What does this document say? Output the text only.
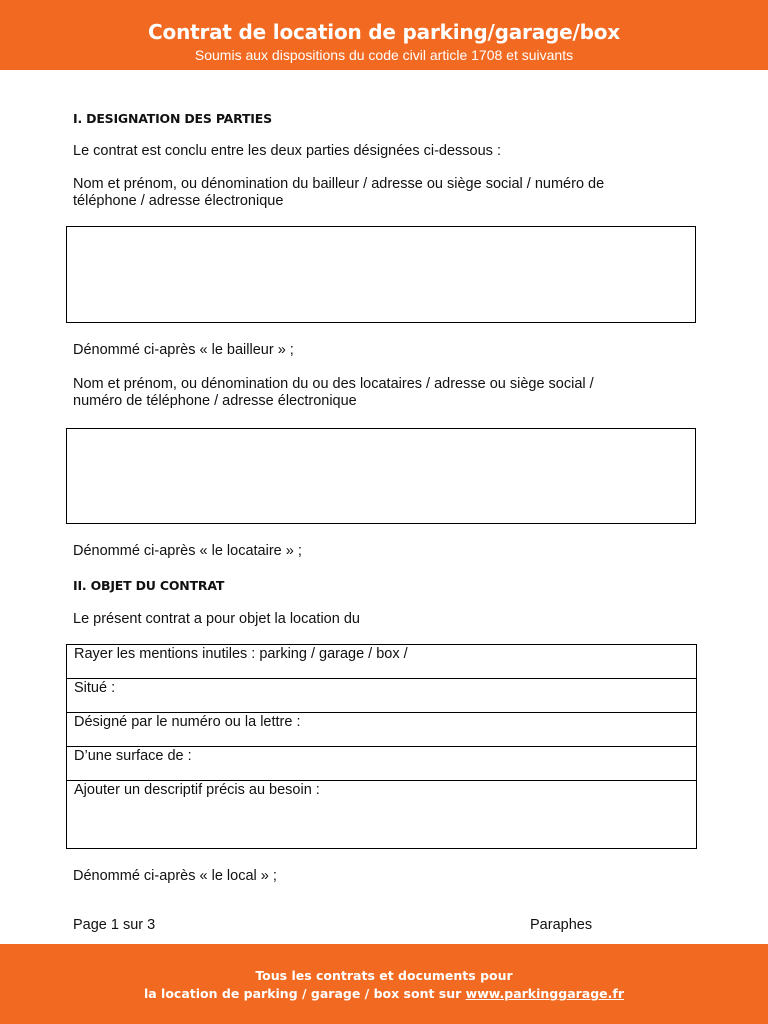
Contrat de location de parking/garage/box
Soumis aux dispositions du code civil article 1708 et suivants
I. DESIGNATION DES PARTIES
Le contrat est conclu entre les deux parties désignées ci-dessous :
Nom et prénom, ou dénomination du bailleur / adresse ou siège social / numéro de
téléphone / adresse électronique
Dénommé ci-après « le bailleur » ;
Nom et prénom, ou dénomination du ou des locataires / adresse ou siège social /
numéro de téléphone / adresse électronique
Dénommé ci-après « le locataire » ;
II. OBJET DU CONTRAT
Le présent contrat a pour objet la location du
Rayer les mentions inutiles : parking / garage / box /
Situé :
Désigné par le numéro ou la lettre :
D’une surface de :
Ajouter un descriptif précis au besoin :
Dénommé ci-après « le local » ;
Page 1 sur 3	Paraphes
Tous les contrats et documents pour
la location de parking / garage / box sont sur www.parkinggarage.fr
